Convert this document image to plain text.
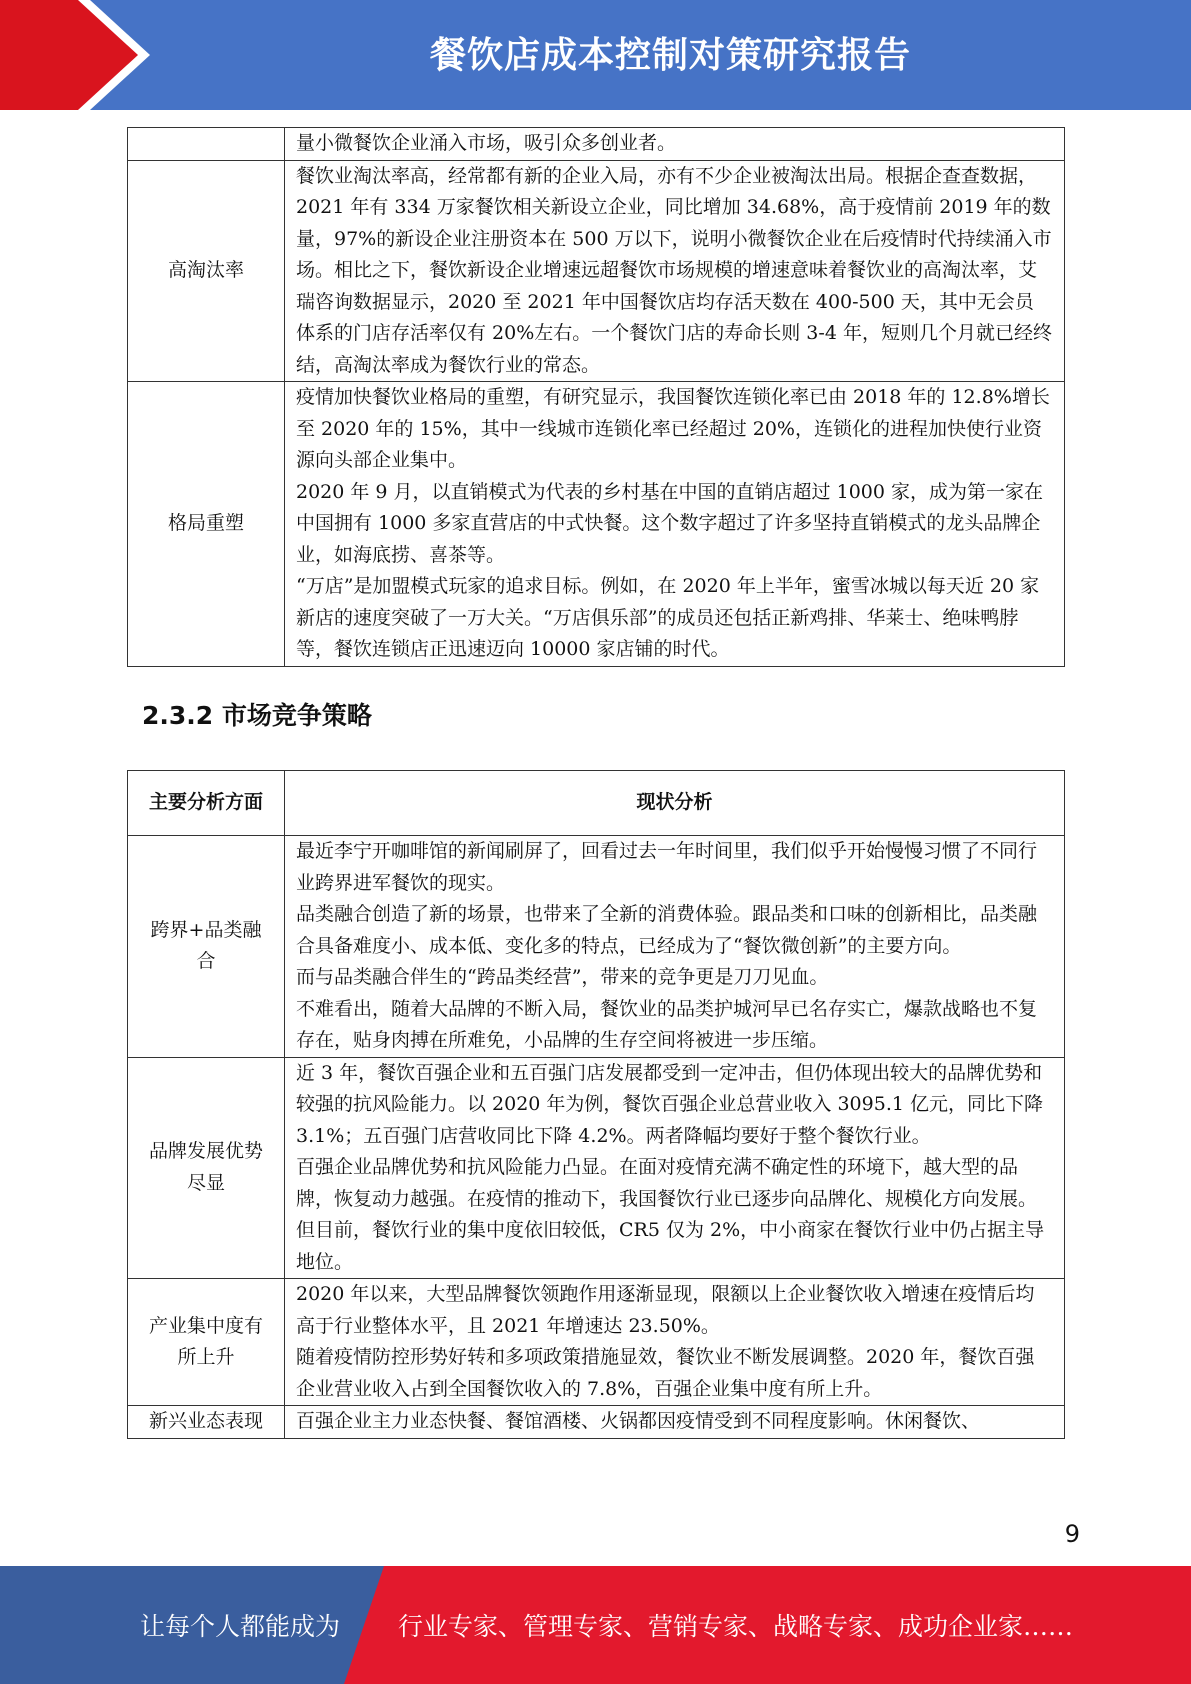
餐饮店成本控制对策研究报告

	量小微餐饮企业涌入市场，吸引众多创业者。

高淘汰率	餐饮业淘汰率高，经常都有新的企业入局，亦有不少企业被淘汰出局。根据企查查数据，2021 年有 334 万家餐饮相关新设立企业，同比增加 34.68%，高于疫情前 2019 年的数量，97%的新设企业注册资本在 500 万以下，说明小微餐饮企业在后疫情时代持续涌入市场。相比之下，餐饮新设企业增速远超餐饮市场规模的增速意味着餐饮业的高淘汰率，艾瑞咨询数据显示，2020 至 2021 年中国餐饮店均存活天数在 400-500 天，其中无会员体系的门店存活率仅有 20%左右。一个餐饮门店的寿命长则 3-4 年，短则几个月就已经终结，高淘汰率成为餐饮行业的常态。

格局重塑	疫情加快餐饮业格局的重塑，有研究显示，我国餐饮连锁化率已由 2018 年的 12.8%增长至 2020 年的 15%，其中一线城市连锁化率已经超过 20%，连锁化的进程加快使行业资源向头部企业集中。

2020 年 9 月，以直销模式为代表的乡村基在中国的直销店超过 1000 家，成为第一家在中国拥有 1000 多家直营店的中式快餐。这个数字超过了许多坚持直销模式的龙头品牌企业，如海底捞、喜茶等。

“万店”是加盟模式玩家的追求目标。例如，在 2020 年上半年，蜜雪冰城以每天近 20 家新店的速度突破了一万大关。“万店俱乐部”的成员还包括正新鸡排、华莱士、绝味鸭脖等，餐饮连锁店正迅速迈向 10000 家店铺的时代。

2.3.2 市场竞争策略
主要分析方面	现状分析
跨界+品类融合	最近李宁开咖啡馆的新闻刷屏了，回看过去一年时间里，我们似乎开始慢慢习惯了不同行业跨界进军餐饮的现实。

品类融合创造了新的场景，也带来了全新的消费体验。跟品类和口味的创新相比，品类融合具备难度小、成本低、变化多的特点，已经成为了“餐饮微创新”的主要方向。

而与品类融合伴生的“跨品类经营”，带来的竞争更是刀刀见血。

不难看出，随着大品牌的不断入局，餐饮业的品类护城河早已名存实亡，爆款战略也不复存在，贴身肉搏在所难免，小品牌的生存空间将被进一步压缩。

品牌发展优势尽显	近 3 年，餐饮百强企业和五百强门店发展都受到一定冲击，但仍体现出较大的品牌优势和较强的抗风险能力。以 2020 年为例，餐饮百强企业总营业收入 3095.1 亿元，同比下降 3.1%；五百强门店营收同比下降 4.2%。两者降幅均要好于整个餐饮行业。

百强企业品牌优势和抗风险能力凸显。在面对疫情充满不确定性的环境下，越大型的品牌，恢复动力越强。在疫情的推动下，我国餐饮行业已逐步向品牌化、规模化方向发展。但目前，餐饮行业的集中度依旧较低，CR5 仅为 2%，中小商家在餐饮行业中仍占据主导地位。

产业集中度有所上升	2020 年以来，大型品牌餐饮领跑作用逐渐显现，限额以上企业餐饮收入增速在疫情后均高于行业整体水平，且 2021 年增速达 23.50%。

随着疫情防控形势好转和多项政策措施显效，餐饮业不断发展调整。2020 年，餐饮百强企业营业收入占到全国餐饮收入的 7.8%，百强企业集中度有所上升。

新兴业态表现	百强企业主力业态快餐、餐馆酒楼、火锅都因疫情受到不同程度影响。休闲餐饮、

9
让每个人都能成为 行业专家、管理专家、营销专家、战略专家、成功企业家……
